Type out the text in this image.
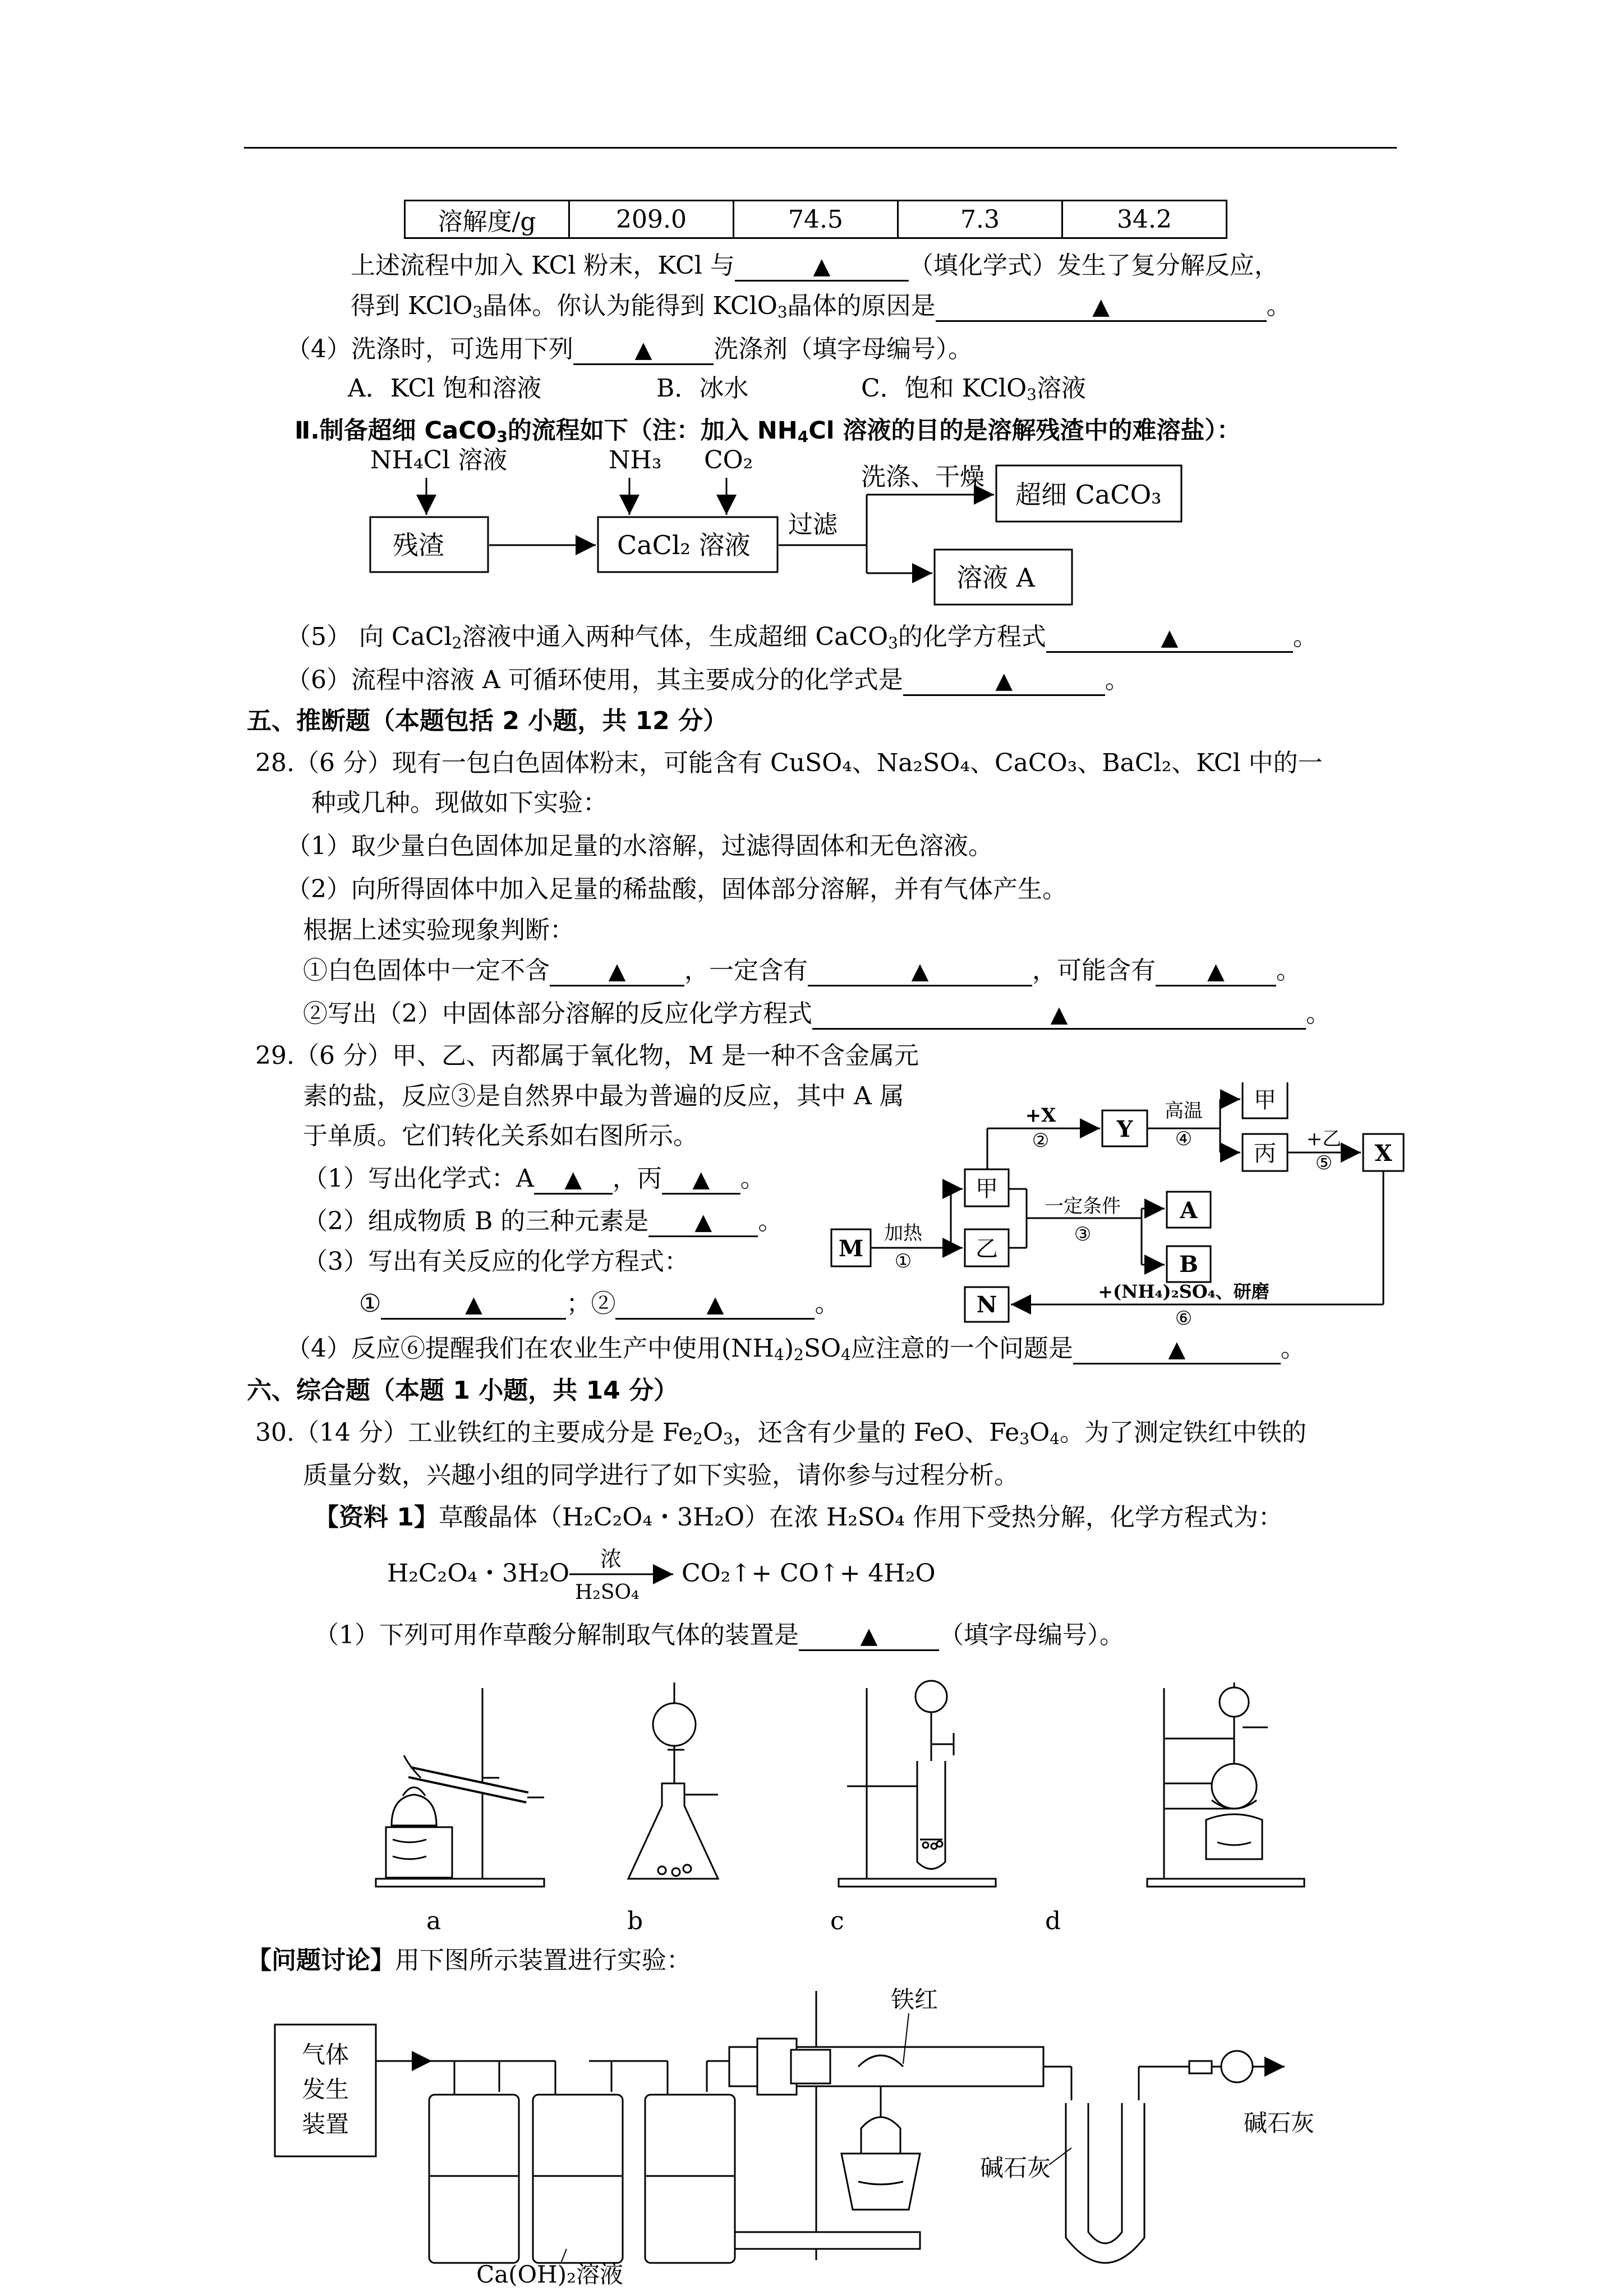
溶解度/g	209.0	74.5	7.3	34.2
上述流程中加入 KCl 粉末，KCl 与	▲	（填化学式）发生了复分解反应，
得到 KClO$_3$晶体。你认为能得到 KClO$_3$晶体的原因是	▲	。
（4）洗涤时，可选用下列	▲ 洗涤剂（填字母编号）。
A．KCl 饱和溶液	B．冰水	C．饱和 KClO$_3$溶液
Ⅱ.制备超细 CaCO$_3$的流程如下（注：加入 $NH_4Cl$ 溶液的目的是溶解残渣中的难溶盐）：
NH₄Cl 溶液	NH₃ CO₂
残渣	CaCl₂ 溶液
过滤
洗涤、干燥
超细 CaCO₃
溶液 A
（5） 向 CaCl$_2$溶液中通入两种气体，生成超细 CaCO$_3$的化学方程式	▲	。
（6）流程中溶液 A 可循环使用，其主要成分的化学式是	▲	。
五、推断题（本题包括 2 小题，共 12 分）
28.（6 分）现有一包白色固体粉末，可能含有 CuSO₄、Na₂SO₄、CaCO₃、BaCl₂、KCl 中的一
种或几种。现做如下实验：
（1）取少量白色固体加足量的水溶解，过滤得固体和无色溶液。
（2）向所得固体中加入足量的稀盐酸，固体部分溶解，并有气体产生。
根据上述实验现象判断：
①白色固体中一定不含	▲ ，一定含有	▲	，可能含有 ▲ 。
②写出（2）中固体部分溶解的反应化学方程式	▲	。
29.（6 分）甲、乙、丙都属于氧化物，M 是一种不含金属元
素的盐，反应③是自然界中最为普遍的反应，其中 A 属
于单质。它们转化关系如右图所示。
（1）写出化学式：A ▲ ，丙 ▲ 。
（2）组成物质 B 的三种元素是 ▲ 。
（3）写出有关反应的化学方程式：
①	▲	；②	▲	。
（4）反应⑥提醒我们在农业生产中使用$(NH_4)_2SO_4$应注意的一个问题是	▲	。
M
甲
乙
N
Y
A
B
甲
丙	X
加热
①
+X
②
高温
④	+乙
⑤
一定条件
③
+(NH₄)₂SO₄、研磨
⑥
六、综合题（本题 1 小题，共 14 分）
30.（14 分）工业铁红的主要成分是 $Fe_2O_3$，还含有少量的 FeO、$Fe_3O_4$。为了测定铁红中铁的
质量分数，兴趣小组的同学进行了如下实验，请你参与过程分析。
【资料 1】草酸晶体（H₂C₂O₄・3H₂O）在浓 H₂SO₄ 作用下受热分解，化学方程式为：
H₂C₂O₄・3H₂O 浓
H₂SO₄
CO₂↑+ CO↑+ 4H₂O
（1）下列可用作草酸分解制取气体的装置是	▲ （填字母编号）。
a	b	c	d
【问题讨论】用下图所示装置进行实验：
气体
发生
装置
铁红
碱石灰
碱石灰
Ca(OH)₂溶液
